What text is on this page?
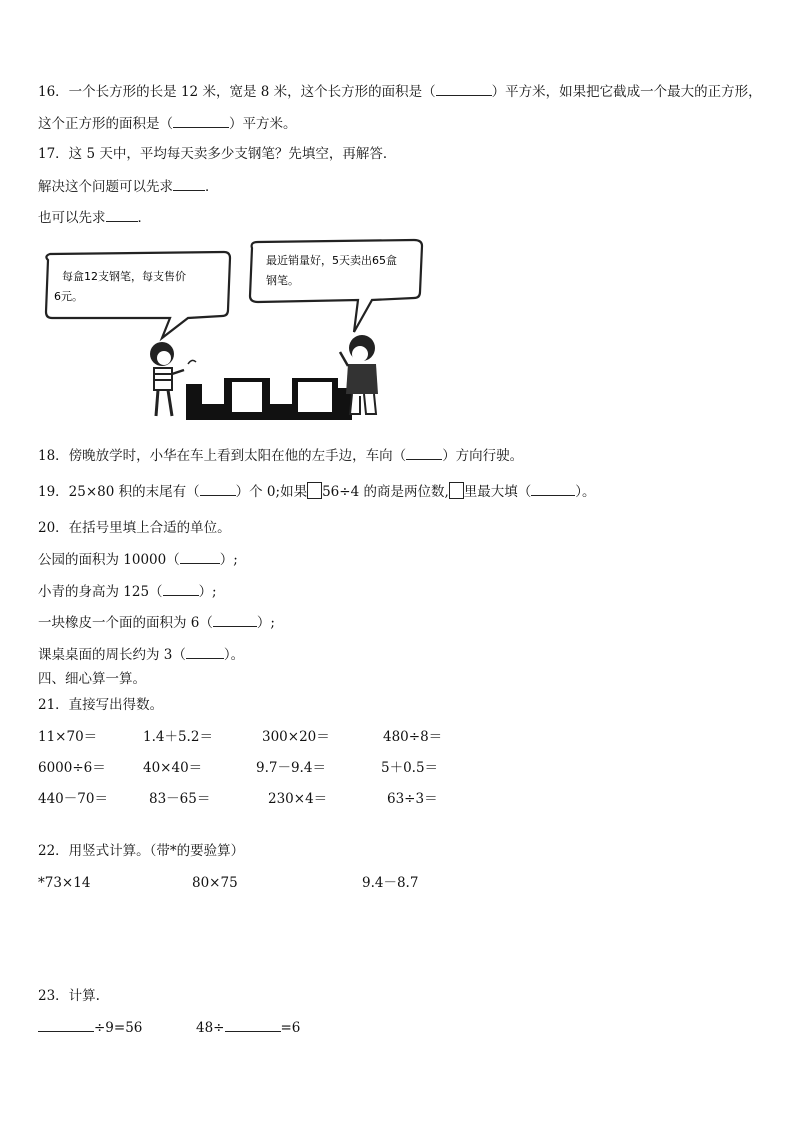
16．一个长方形的长是 12 米，宽是 8 米，这个长方形的面积是（	）平方米，如果把它截成一个最大的正方形，
这个正方形的面积是（	）平方米。
17．这 5 天中，平均每天卖多少支钢笔？先填空，再解答．
解决这个问题可以先求 ．
也可以先求 ．
每盒12支钢笔，每支售价
6元。
最近销量好，5天卖出65盒
钢笔。
18．傍晚放学时，小华在车上看到太阳在他的左手边，车向（	）方向行驶。
19．25×80 积的末尾有（	）个 0;如果 56÷4 的商是两位数, 里最大填（	）。
20．在括号里填上合适的单位。
公园的面积为 10000（	）;
小青的身高为 125（	）;
一块橡皮一个面的面积为 6（	）;
课桌桌面的周长约为 3（	）。
四、细心算一算。
21．直接写出得数。
11×70＝	1.4＋5.2＝	300×20＝	480÷8＝
6000÷6＝	40×40＝	9.7－9.4＝	5＋0.5＝
440－70＝	83－65＝	230×4＝	63÷3＝
22．用竖式计算。（带*的要验算）
*73×14	80×75	9.4－8.7
23．计算.
÷9=56	48÷	=6
